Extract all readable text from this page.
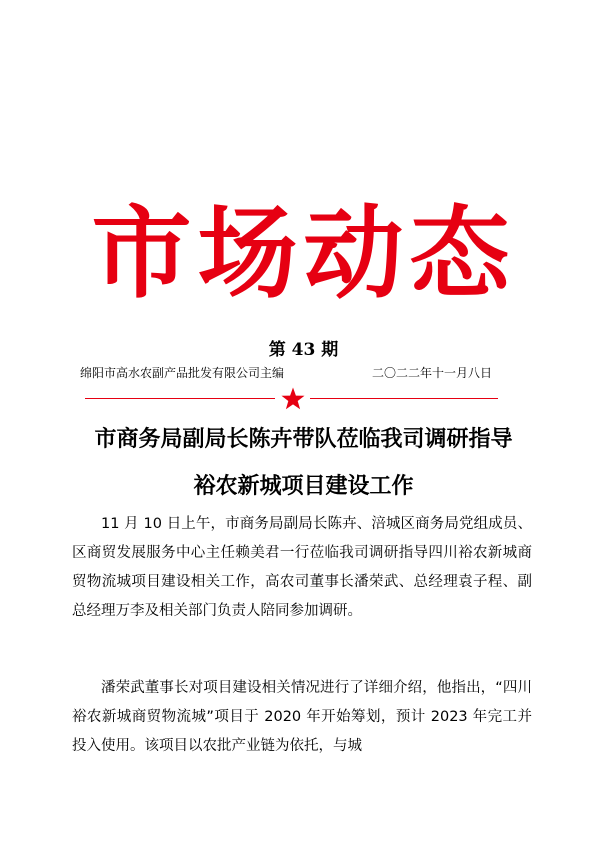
市场动态
第 43 期
绵阳市高水农副产品批发有限公司主编	二〇二二年十一月八日
市商务局副局长陈卉带队莅临我司调研指导
裕农新城项目建设工作

11 月 10 日上午，市商务局副局长陈卉、涪城区商务局党组成员、区商贸发展服务中心主任赖美君一行莅临我司调研指导四川裕农新城商贸物流城项目建设相关工作，高农司董事长潘荣武、总经理袁子程、副总经理万李及相关部门负责人陪同参加调研。

潘荣武董事长对项目建设相关情况进行了详细介绍，他指出，“四川裕农新城商贸物流城”项目于 2020 年开始筹划，预计 2023 年完工并投入使用。该项目以农批产业链为依托，与城
